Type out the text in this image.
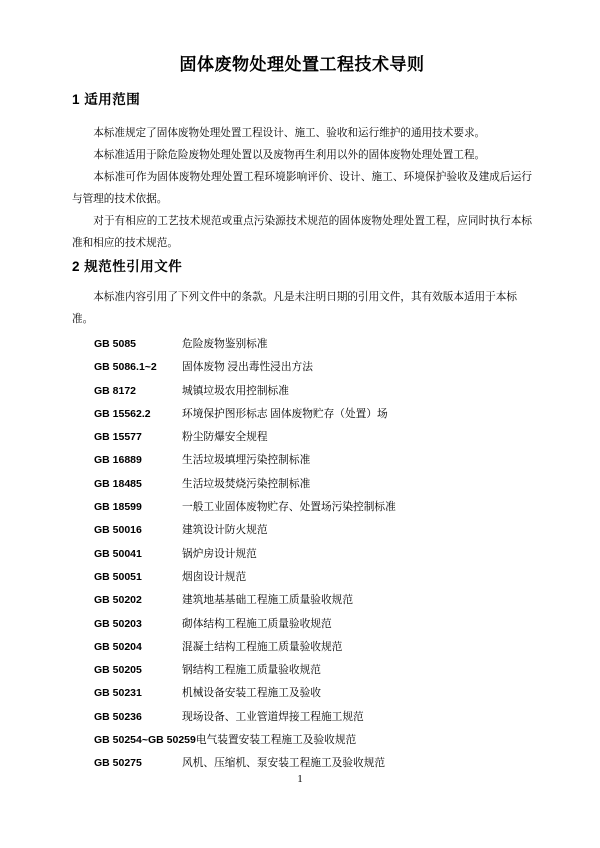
固体废物处理处置工程技术导则
1 适用范围

本标准规定了固体废物处理处置工程设计、施工、验收和运行维护的通用技术要求。

本标准适用于除危险废物处理处置以及废物再生利用以外的固体废物处理处置工程。

本标准可作为固体废物处理处置工程环境影响评价、设计、施工、环境保护验收及建成后运行与管理的技术依据。

对于有相应的工艺技术规范或重点污染源技术规范的固体废物处理处置工程，应同时执行本标准和相应的技术规范。

2 规范性引用文件

本标准内容引用了下列文件中的条款。凡是未注明日期的引用文件，其有效版本适用于本标准。

GB 5085	危险废物鉴别标准
GB 5086.1~2	固体废物 浸出毒性浸出方法
GB 8172	城镇垃圾农用控制标准
GB 15562.2	环境保护图形标志 固体废物贮存（处置）场
GB 15577	粉尘防爆安全规程
GB 16889	生活垃圾填埋污染控制标准
GB 18485	生活垃圾焚烧污染控制标准
GB 18599	一般工业固体废物贮存、处置场污染控制标准
GB 50016	建筑设计防火规范
GB 50041	锅炉房设计规范
GB 50051	烟囱设计规范
GB 50202	建筑地基基础工程施工质量验收规范
GB 50203	砌体结构工程施工质量验收规范
GB 50204	混凝土结构工程施工质量验收规范
GB 50205	钢结构工程施工质量验收规范
GB 50231	机械设备安装工程施工及验收
GB 50236	现场设备、工业管道焊接工程施工规范
GB 50254~GB 50259 电气装置安装工程施工及验收规范
GB 50275	风机、压缩机、泵安装工程施工及验收规范
1
